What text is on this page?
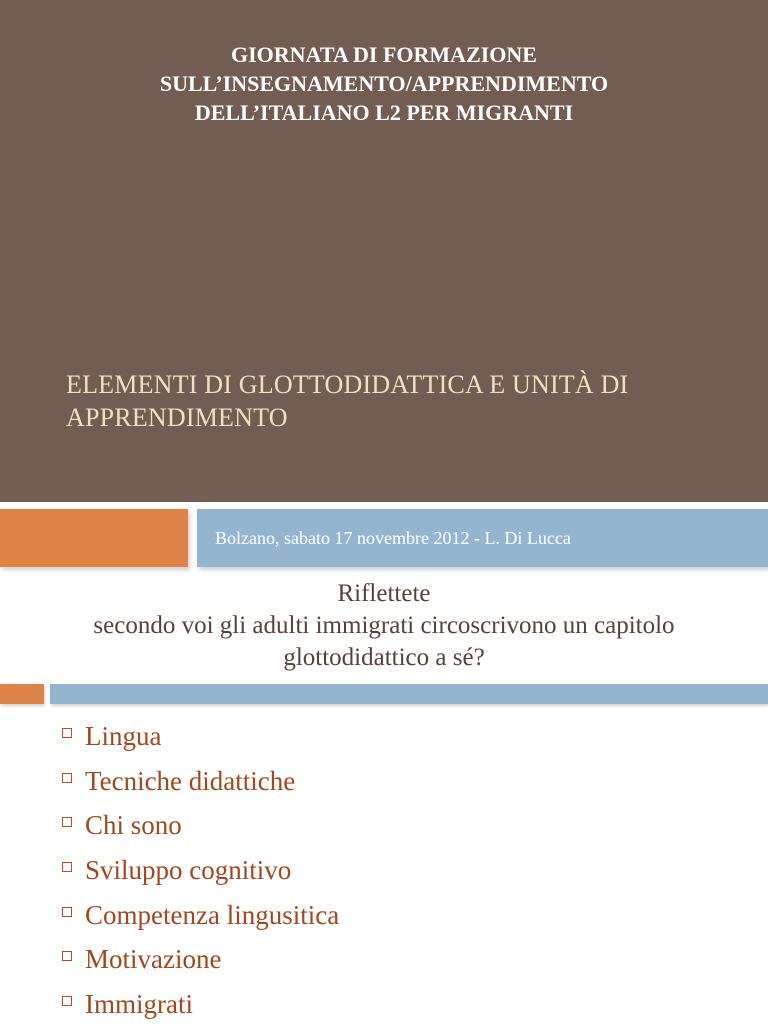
GIORNATA DI FORMAZIONE
SULL’INSEGNAMENTO/APPRENDIMENTO
DELL’ITALIANO L2 PER MIGRANTI
ELEMENTI DI GLOTTODIDATTICA E UNITÀ DI APPRENDIMENTO
Bolzano, sabato 17 novembre 2012 - L. Di Lucca
Riflettete
secondo voi gli adulti immigrati circoscrivono un capitolo
glottodidattico a sé?
Lingua
Tecniche didattiche
Chi sono
Sviluppo cognitivo
Competenza lingusitica
Motivazione
Immigrati
